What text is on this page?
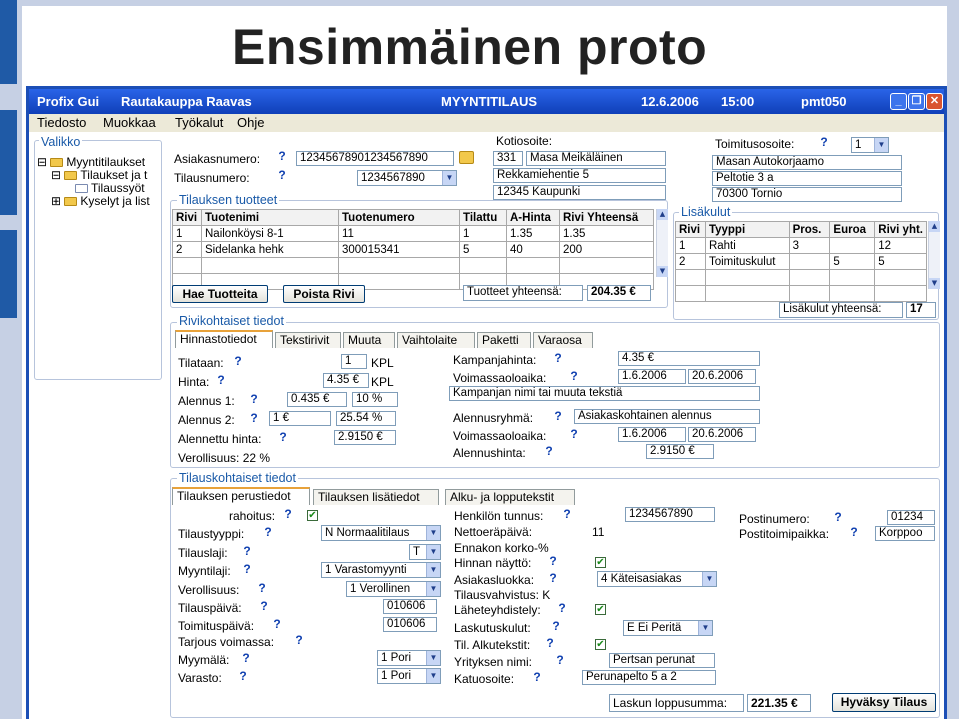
Ensimmäinen proto
Profix Gui Rautakauppa Raavas	MYYNTITILAUS	12.6.2006 15:00	pmt050	_ ❐ ✕
Tiedosto Muokkaa Työkalut Ohje
Valikko
⊟ Myyntitilaukset
⊟ Tilaukset ja t
Tilaussyöt
⊞ Kyselyt ja list
Asiakasnumero: ?	12345678901234567890
Tilausnumero: ?	1234567890	▼
Kotiosoite:
331	Masa Meikäläinen
Rekkamiehentie 5
12345 Kaupunki
Toimitusosoite: ?	1	▼
Masan Autokorjaamo
Peltotie 3 a
70300 Tornio
Tilauksen tuotteet
Rivi	Tuotenimi	Tuotenumero	Tilattu	A-Hinta	Rivi Yhteensä
1	Nailonköysi 8-1	11	1	1.35	1.35
2	Sidelanka hehk	300015341	5	40	200

▲
▼
Hae Tuotteita	Poista Rivi	Tuotteet yhteensä:	204.35 €
Lisäkulut
Rivi	Tyyppi	Pros.	Euroa	Rivi yht.
1	Rahti	3		12
2	Toimituskulut		5	5

▲
▼
Lisäkulut yhteensä:	17
Rivikohtaiset tiedot
Hinnastotiedot	Tekstirivit	Muuta	Vaihtolaite	Paketti	Varaosa
Tilataan: ?	1	KPL
Hinta: ?	4.35 €	KPL
Alennus 1: ?	0.435 €	10 %
Alennus 2: ?	1 €	25.54 %
Alennettu hinta: ?	2.9150 €
Verollisuus: 22 %
Kampanjahinta: ?	4.35 €
Voimassaoloaika: ?	1.6.2006	20.6.2006
Kampanjan nimi tai muuta tekstiä
Alennusryhmä: ?	Asiakaskohtainen alennus
Voimassaoloaika: ?	1.6.2006	20.6.2006
Alennushinta: ?	2.9150 €
Tilauskohtaiset tiedot
Tilauksen perustiedot	Tilauksen lisätiedot	Alku- ja lopputekstit
rahoitus: ?	✔
Tilaustyyppi: ?	N Normaalitilaus	▼
Tilauslaji: ?	T	▼
Myyntilaji: ?	1 Varastomyynti	▼
Verollisuus: ?	1 Verollinen	▼
Tilauspäivä: ?	010606
Toimituspäivä: ?	010606
Tarjous voimassa: ?
Myymälä: ?	1 Pori	▼
Varasto: ?	1 Pori	▼
Henkilön tunnus: ?	1234567890
Nettoeräpäivä:	11
Ennakon korko-%
Hinnan näyttö: ?	✔
Asiakasluokka: ?	4 Käteisasiakas	▼
Tilausvahvistus: K
Läheteyhdistely: ?	✔
Laskutuskulut: ?	E Ei Peritä	▼
Til. Alkutekstit: ?	✔
Yrityksen nimi: ?	Pertsan perunat
Katuosoite: ?	Perunapelto 5 a 2
Postinumero: ?	01234
Postitoimipaikka: ?	Korppoo
Laskun loppusumma:	221.35 €	Hyväksy Tilaus
